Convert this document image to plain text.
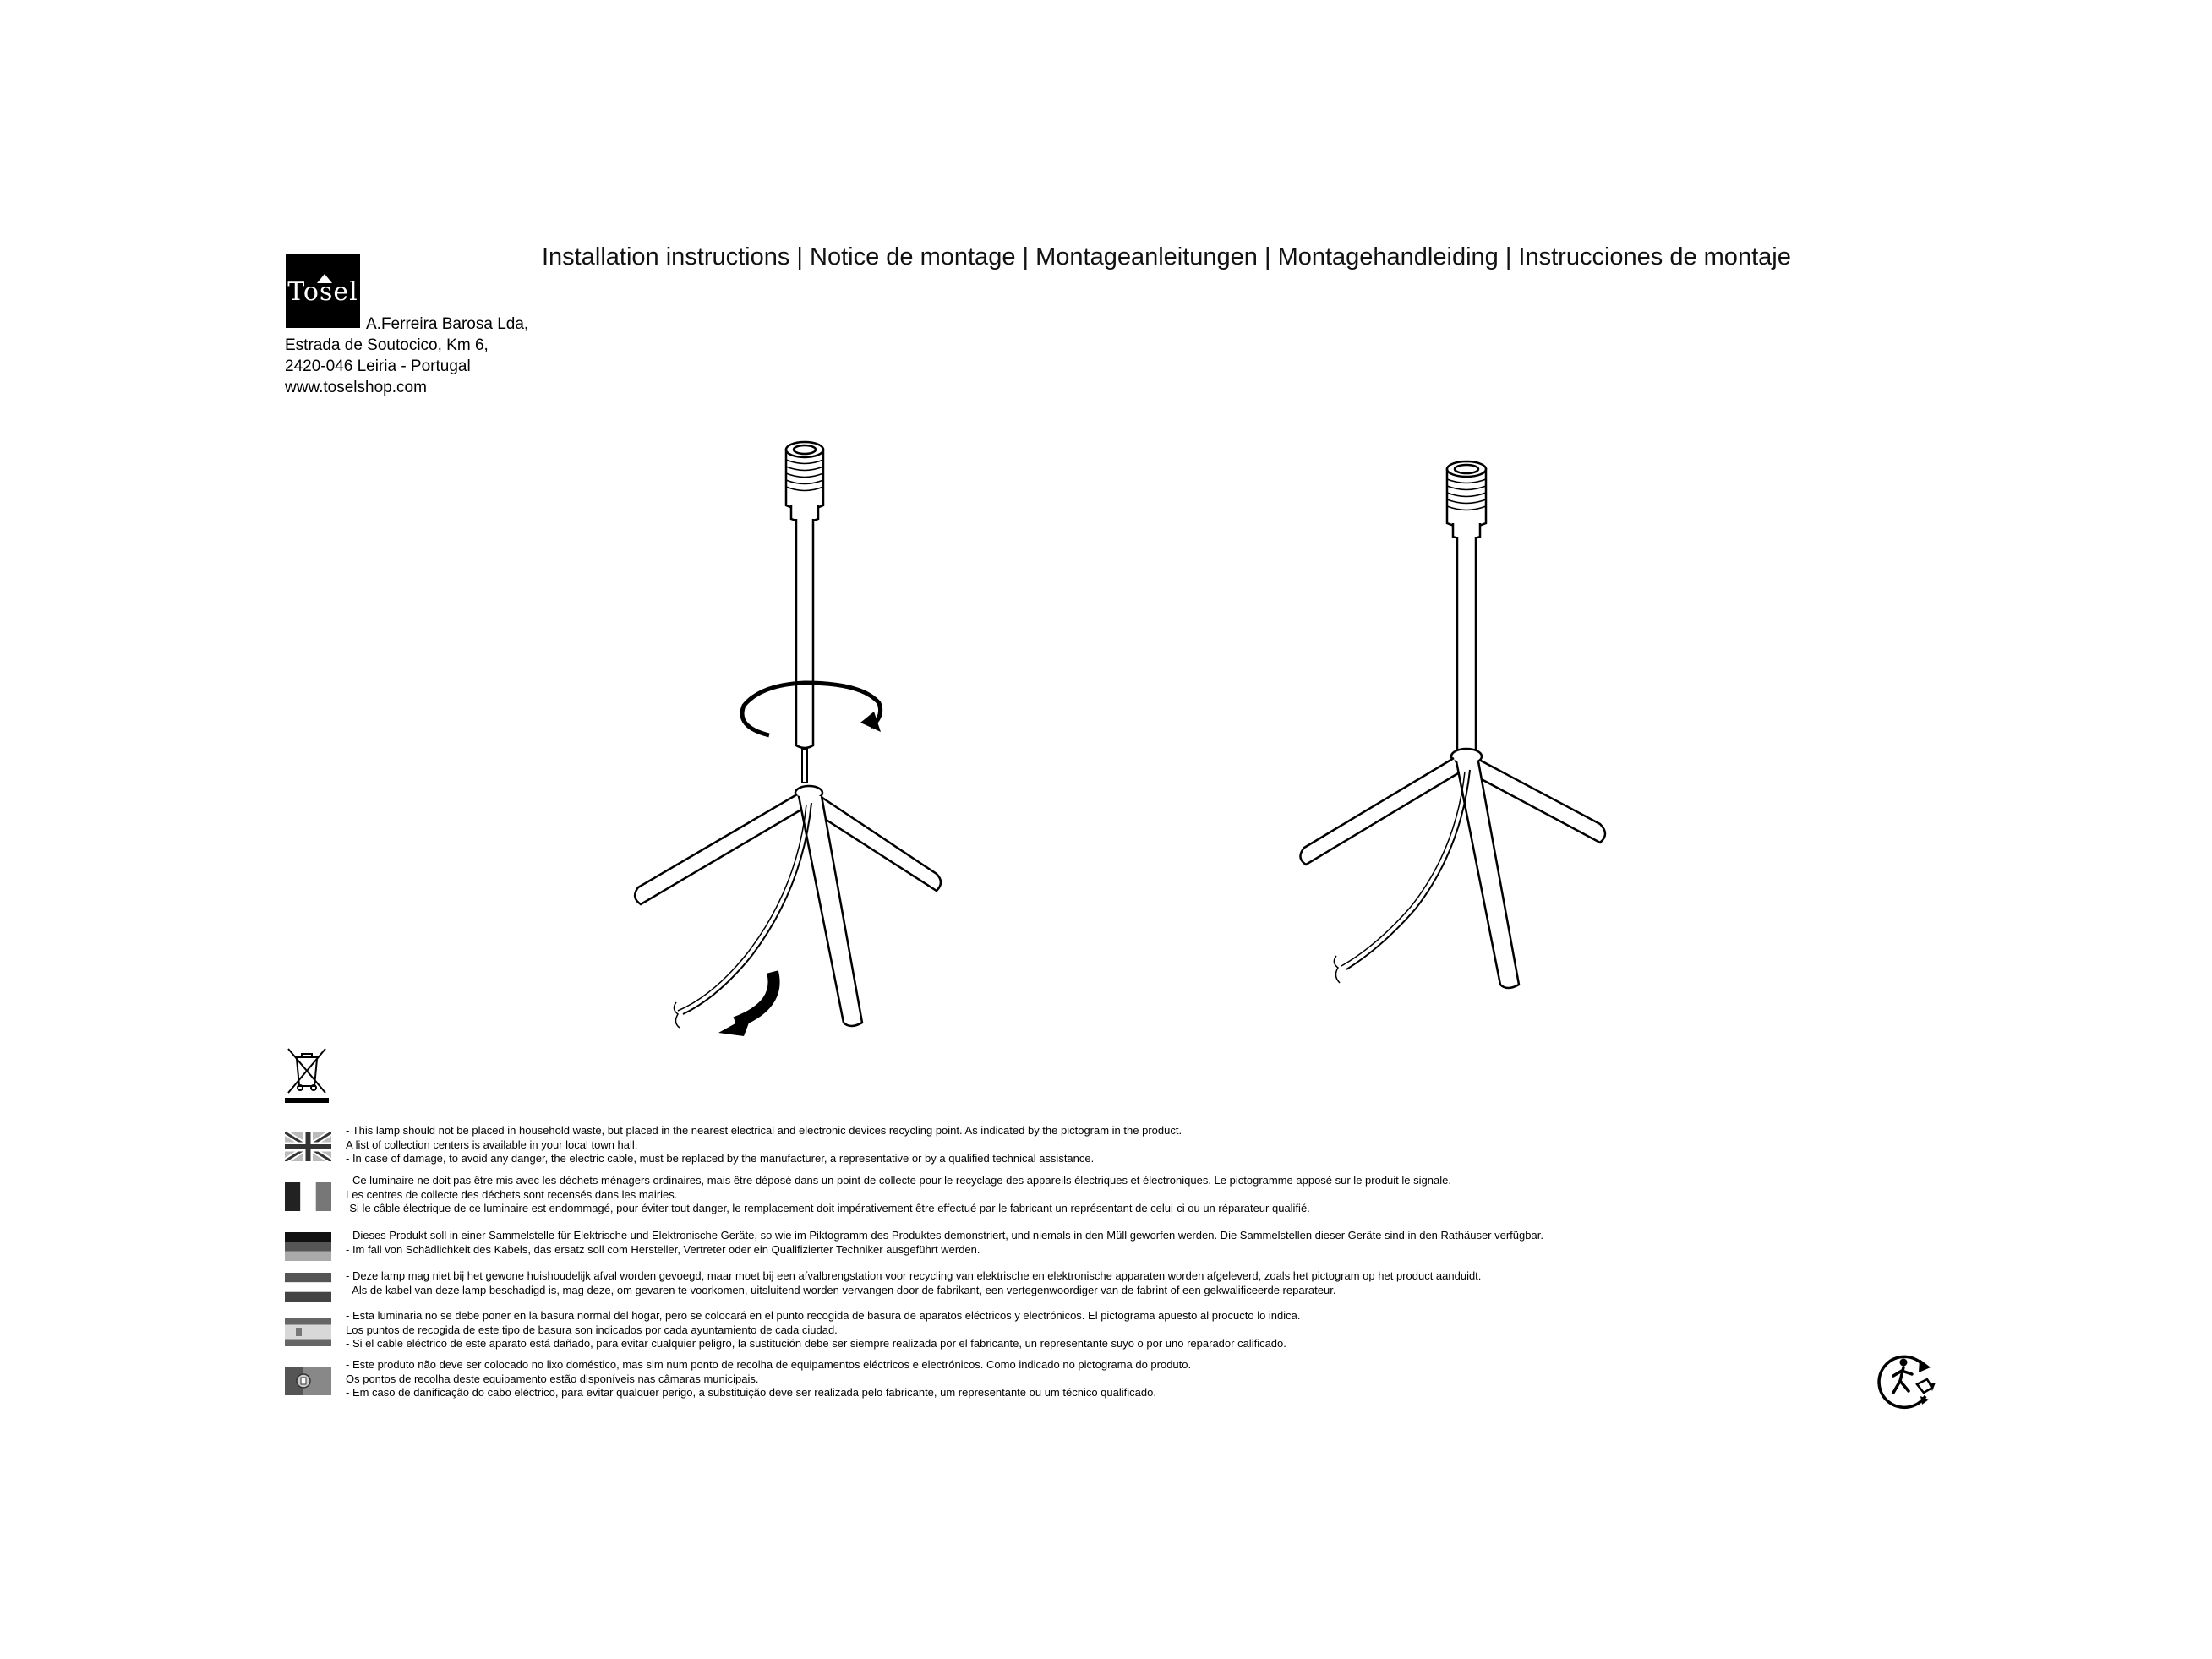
Installation instructions | Notice de montage | Montageanleitungen | Montagehandleiding | Instrucciones de montaje
Tosel
A.Ferreira Barosa Lda,
Estrada de Soutocico, Km 6,
2420-046 Leiria - Portugal
www.toselshop.com
- This lamp should not be placed in household waste, but placed in the nearest electrical and electronic devices recycling point. As indicated by the pictogram in the product.
A list of collection centers is available in your local town hall.
- In case of damage, to avoid any danger, the electric cable, must be replaced by the manufacturer, a representative or by a qualified technical assistance.
- Ce luminaire ne doit pas être mis avec les déchets ménagers ordinaires, mais être déposé dans un point de collecte pour le recyclage des appareils électriques et électroniques. Le pictogramme apposé sur le produit le signale.
Les centres de collecte des déchets sont recensés dans les mairies.
-Si le câble électrique de ce luminaire est endommagé, pour éviter tout danger, le remplacement doit impérativement être effectué par le fabricant un représentant de celui-ci ou un réparateur qualifié.
- Dieses Produkt soll in einer Sammelstelle für Elektrische und Elektronische Geräte, so wie im Piktogramm des Produktes demonstriert, und niemals in den Müll geworfen werden. Die Sammelstellen dieser Geräte sind in den Rathäuser verfügbar.
- Im fall von Schädlichkeit des Kabels, das ersatz soll com Hersteller, Vertreter oder ein Qualifizierter Techniker ausgeführt werden.
- Deze lamp mag niet bij het gewone huishoudelijk afval worden gevoegd, maar moet bij een afvalbrengstation voor recycling van elektrische en elektronische apparaten worden afgeleverd, zoals het pictogram op het product aanduidt.
- Als de kabel van deze lamp beschadigd is, mag deze, om gevaren te voorkomen, uitsluitend worden vervangen door de fabrikant, een vertegenwoordiger van de fabrint of een gekwalificeerde reparateur.
- Esta luminaria no se debe poner en la basura normal del hogar, pero se colocará en el punto recogida de basura de aparatos eléctricos y electrónicos. El pictograma apuesto al procucto lo indica.
Los puntos de recogida de este tipo de basura son indicados por cada ayuntamiento de cada ciudad.
- Si el cable eléctrico de este aparato está dañado, para evitar cualquier peligro, la sustitución debe ser siempre realizada por el fabricante, un representante suyo o por uno reparador calificado.
- Este produto não deve ser colocado no lixo doméstico, mas sim num ponto de recolha de equipamentos eléctricos e electrónicos. Como indicado no pictograma do produto.
Os pontos de recolha deste equipamento estão disponíveis nas câmaras municipais.
- Em caso de danificação do cabo eléctrico, para evitar qualquer perigo, a substituição deve ser realizada pelo fabricante, um representante ou um técnico qualificado.
